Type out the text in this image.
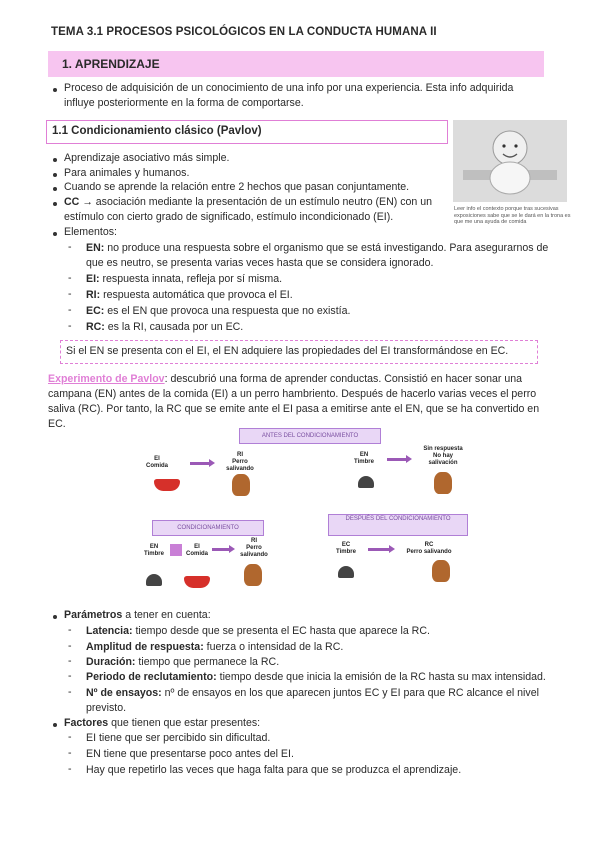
TEMA 3.1 PROCESOS PSICOLÓGICOS EN LA CONDUCTA HUMANA II
1. APRENDIZAJE
Proceso de adquisición de un conocimiento de una info por una experiencia. Esta info adquirida
influye posteriormente en la forma de comportarse.
1.1 Condicionamiento clásico (Pavlov)
Leer info el contexto porque tras sucesivas exposiciones sabe que se le dará en la trona es que me una ayuda de comida
Aprendizaje asociativo más simple.
Para animales y humanos.
Cuando se aprende la relación entre 2 hechos que pasan conjuntamente.
CC → asociación mediante la presentación de un estímulo neutro (EN) con un
estímulo con cierto grado de significado, estímulo incondicionado (EI).
Elementos:
- EN: no produce una respuesta sobre el organismo que se está investigando. Para asegurarnos de
que es neutro, se presenta varias veces hasta que se considera ignorado.
- EI: respuesta innata, refleja por sí misma.
- RI: respuesta automática que provoca el EI.
- EC: es el EN que provoca una respuesta que no existía.
- RC: es la RI, causada por un EC.
Si el EN se presenta con el EI, el EN adquiere las propiedades del EI transformándose en EC.
Experimento de Pavlov: descubrió una forma de aprender conductas. Consistió en hacer sonar una
campana (EN) antes de la comida (EI) a un perro hambriento. Después de hacerlo varias veces el perro
saliva (RC). Por tanto, la RC que se emite ante el EI pasa a emitirse ante el EN, que se ha convertido en
EC.
ANTES DEL CONDICIONAMIENTO
EI
Comida
RI
Perro
salivando
EN
Timbre
Sin respuesta
No hay
salivación
CONDICIONAMIENTO
DESPUÉS DEL CONDICIONAMIENTO
EN
Timbre
EI
Comida
RI
Perro
salivando
EC
Timbre
RC
Perro salivando
Parámetros a tener en cuenta:
- Latencia: tiempo desde que se presenta el EC hasta que aparece la RC.
- Amplitud de respuesta: fuerza o intensidad de la RC.
- Duración: tiempo que permanece la RC.
- Periodo de reclutamiento: tiempo desde que inicia la emisión de la RC hasta su max intensidad.
- Nº de ensayos: nº de ensayos en los que aparecen juntos EC y EI para que RC alcance el nivel
previsto.
Factores que tienen que estar presentes:
- EI tiene que ser percibido sin dificultad.
- EN tiene que presentarse poco antes del EI.
- Hay que repetirlo las veces que haga falta para que se produzca el aprendizaje.
